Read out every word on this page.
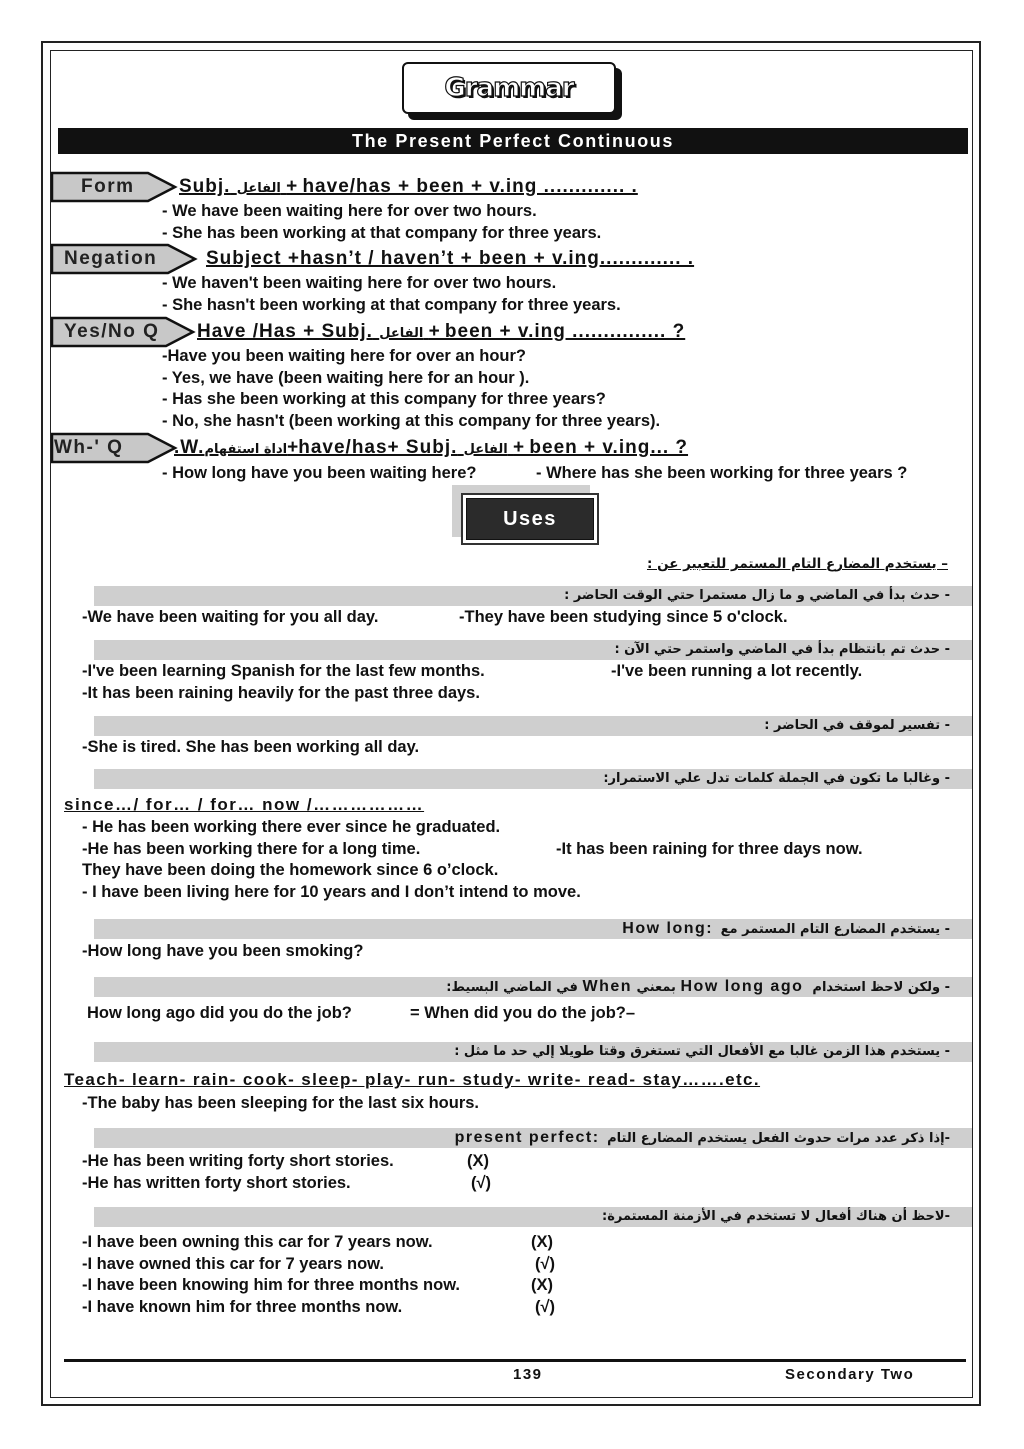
Grammar
The Present Perfect Continuous
Form Subj. الفاعل + have/has + been + v.ing ............. .
- We have been waiting here for over two hours.
- She has been working at that company for three years.
Negation	Subject +hasn’t / haven’t + been + v.ing............. .
- We haven't been waiting here for over two hours.
- She hasn't been working at that company for three years.
Yes/No Q Have /Has + Subj. الفاعل + been + v.ing ............... ?
-Have you been waiting here for over an hour?
- Yes, we have (been waiting here for an hour ).
- Has she been working at this company for three years?
- No, she hasn't (been working at this company for three years).
Wh-' Q	.W.اداة استفهام+have/has+ Subj. الفاعل + been + v.ing... ?
- How long have you been waiting here?	- Where has she been working for three years ?
Uses
– يستخدم المضارع التام المستمر للتعبير عن :
- حدث بدأ في الماضي و ما زال مستمرا حتي الوقت الحاضر :
-We have been waiting for you all day.	-They have been studying since 5 o'clock.
- حدث تم بانتظام بدأ في الماضي واستمر حتي الآن :
-I've been learning Spanish for the last few months.	-I've been running a lot recently.
-It has been raining heavily for the past three days.
- تفسير لموقف في الحاضر :
-She is tired. She has been working all day.
- وغالبا ما تكون في الجملة كلمات تدل علي الاستمرار:
since…/ for… / for… now /………………
- He has been working there ever since he graduated.
-He has been working there for a long time.	-It has been raining for three days now.
They have been doing the homework since 6 o’clock.
- I have been living here for 10 years and I don’t intend to move.
- يستخدم المضارع التام المستمر مع  :How long
-How long have you been smoking?
- ولكن لاحظ استخدام  How long ago بمعني When في الماضي البسيط:
How long ago did you do the job?	= When did you do the job?–
- يستخدم هذا الزمن غالبا مع الأفعال التي تستغرق وقتا طويلا إلي حد ما مثل :
Teach- learn- rain- cook- sleep- play- run- study- write- read- stay…….etc.
-The baby has been sleeping for the last six hours.
-إذا ذكر عدد مرات حدوث الفعل يستخدم المضارع التام  :present perfect
-He has been writing forty short stories.	(X)
-He has written forty short stories.	(√)
-لاحظ أن هناك أفعال لا تستخدم في الأزمنة المستمرة:
-I have been owning this car for 7 years now.	(X)
-I have owned this car for 7 years now.	(√)
-I have been knowing him for three months now.	(X)
-I have known him for three months now.	(√)
139	Secondary Two
